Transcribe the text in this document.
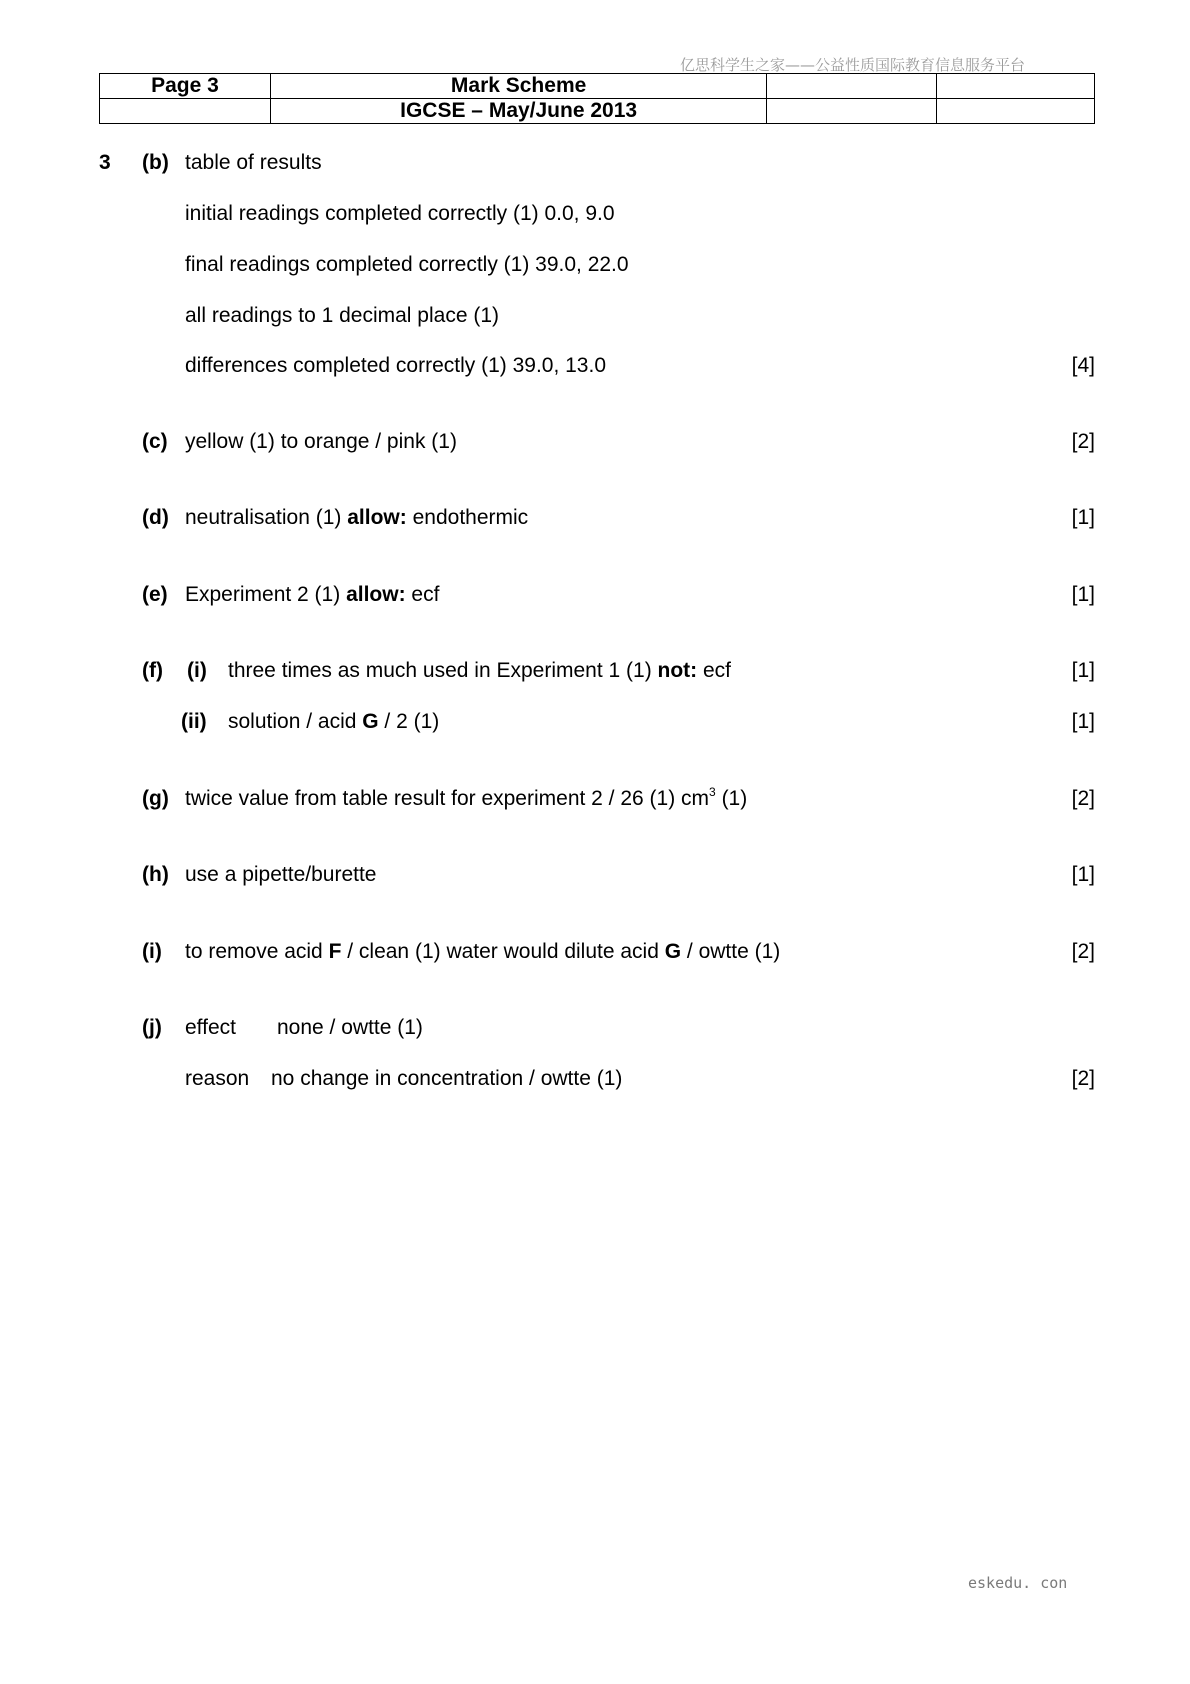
亿思科学生之家——公益性质国际教育信息服务平台
Page 3	Mark Scheme		
	IGCSE – May/June 2013		
3 (b) table of results
initial readings completed correctly (1) 0.0, 9.0
final readings completed correctly (1) 39.0, 22.0
all readings to 1 decimal place (1)
differences completed correctly (1) 39.0, 13.0	[4]
(c) yellow (1) to orange / pink (1)	[2]
(d) neutralisation (1) allow: endothermic	[1]
(e) Experiment 2 (1) allow: ecf	[1]
(f) (i) three times as much used in Experiment 1 (1) not: ecf	[1]
(ii) solution / acid G / 2 (1)	[1]
(g) twice value from table result for experiment 2 / 26 (1) $cm^3$ (1)	[2]
(h) use a pipette/burette	[1]
(i) to remove acid F / clean (1) water would dilute acid G / owtte (1)	[2]
(j) effect none / owtte (1)
reason no change in concentration / owtte (1)	[2]
eskedu. con
